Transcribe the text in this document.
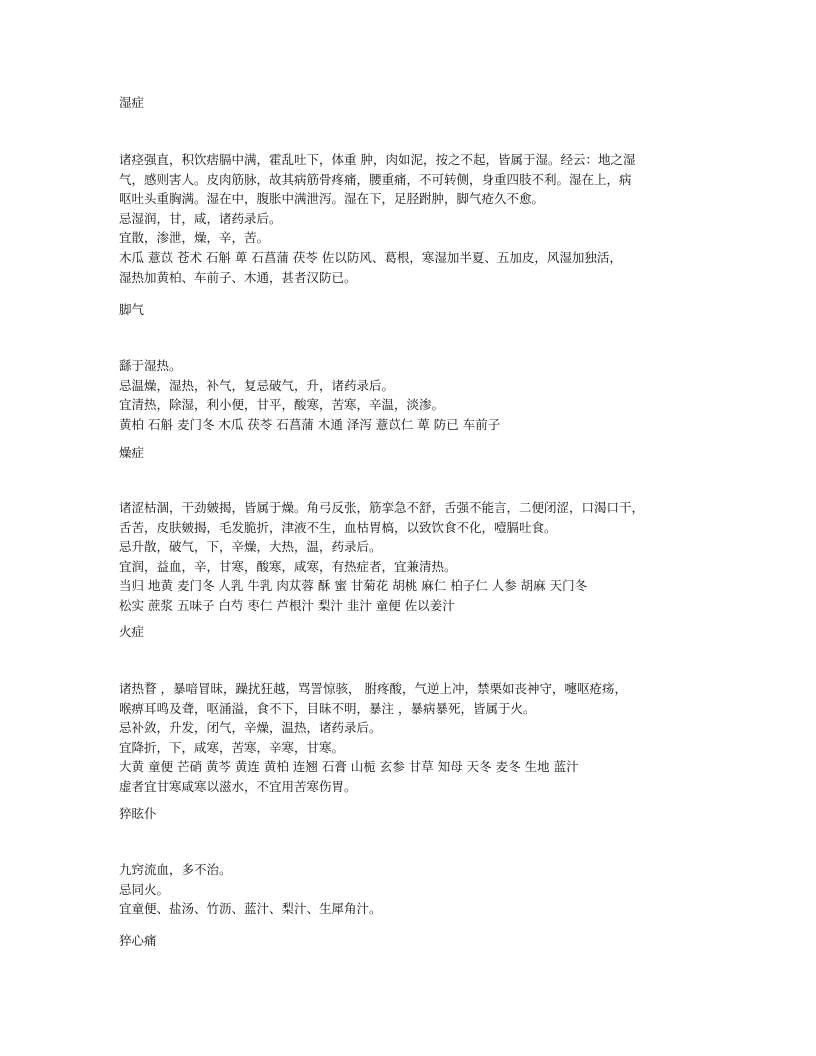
湿症
诸痉强直，积饮痞膈中满，霍乱吐下，体重 肿，肉如泥，按之不起，皆属于湿。经云：地之湿
气，感则害人。皮肉筋脉，故其病筋骨疼痛，腰重痛，不可转侧，身重四肢不利。湿在上，病
呕吐头重胸满。湿在中，腹胀中满泄泻。湿在下，足胫跗肿，脚气疮久不愈。
忌湿润，甘，咸，诸药录后。
宜散，渗泄，燥，辛，苦。
木瓜 薏苡 苍术 石斛 萆 石菖蒲 茯苓 佐以防风、葛根，寒湿加半夏、五加皮，风湿加独活，
湿热加黄柏、车前子、木通，甚者汉防已。
脚气
繇于湿热。
忌温燥，湿热，补气，复忌破气，升，诸药录后。
宜清热，除湿，利小便，甘平，酸寒，苦寒，辛温，淡渗。
黄柏 石斛 麦门冬 木瓜 茯苓 石菖蒲 木通 泽泻 薏苡仁 萆 防已 车前子
燥症
诸涩枯涸，干劲皴揭，皆属于燥。角弓反张，筋挛急不舒，舌强不能言，二便闭涩，口渴口干，
舌苦，皮肤皴揭，毛发脆折，津液不生，血枯胃槁，以致饮食不化，噎膈吐食。
忌升散，破气，下，辛燥，大热，温，药录后。
宜润，益血，辛，甘寒，酸寒，咸寒，有热症者，宜兼清热。
当归 地黄 麦门冬 人乳 牛乳 肉苁蓉 酥 蜜 甘菊花 胡桃 麻仁 柏子仁 人参 胡麻 天门冬
松实 蔗浆 五味子 白芍 枣仁 芦根汁 梨汁 韭汁 童便 佐以姜汁
火症
诸热瞀 ，暴喑冒昧，躁扰狂越，骂詈惊骇， 胕疼酸，气逆上冲，禁栗如丧神守，嚏呕疮疡，
喉痹耳鸣及聋，呕涌溢，食不下，目昧不明，暴注 ，暴病暴死，皆属于火。
忌补敛，升发，闭气，辛燥，温热，诸药录后。
宜降折，下，咸寒，苦寒，辛寒，甘寒。
大黄 童便 芒硝 黄芩 黄连 黄柏 连翘 石膏 山栀 玄参 甘草 知母 天冬 麦冬 生地 蓝汁
虚者宜甘寒咸寒以滋水，不宜用苦寒伤胃。
猝眩仆
九窍流血，多不治。
忌同火。
宜童便、盐汤、竹沥、蓝汁、梨汁、生犀角汁。
猝心痛
